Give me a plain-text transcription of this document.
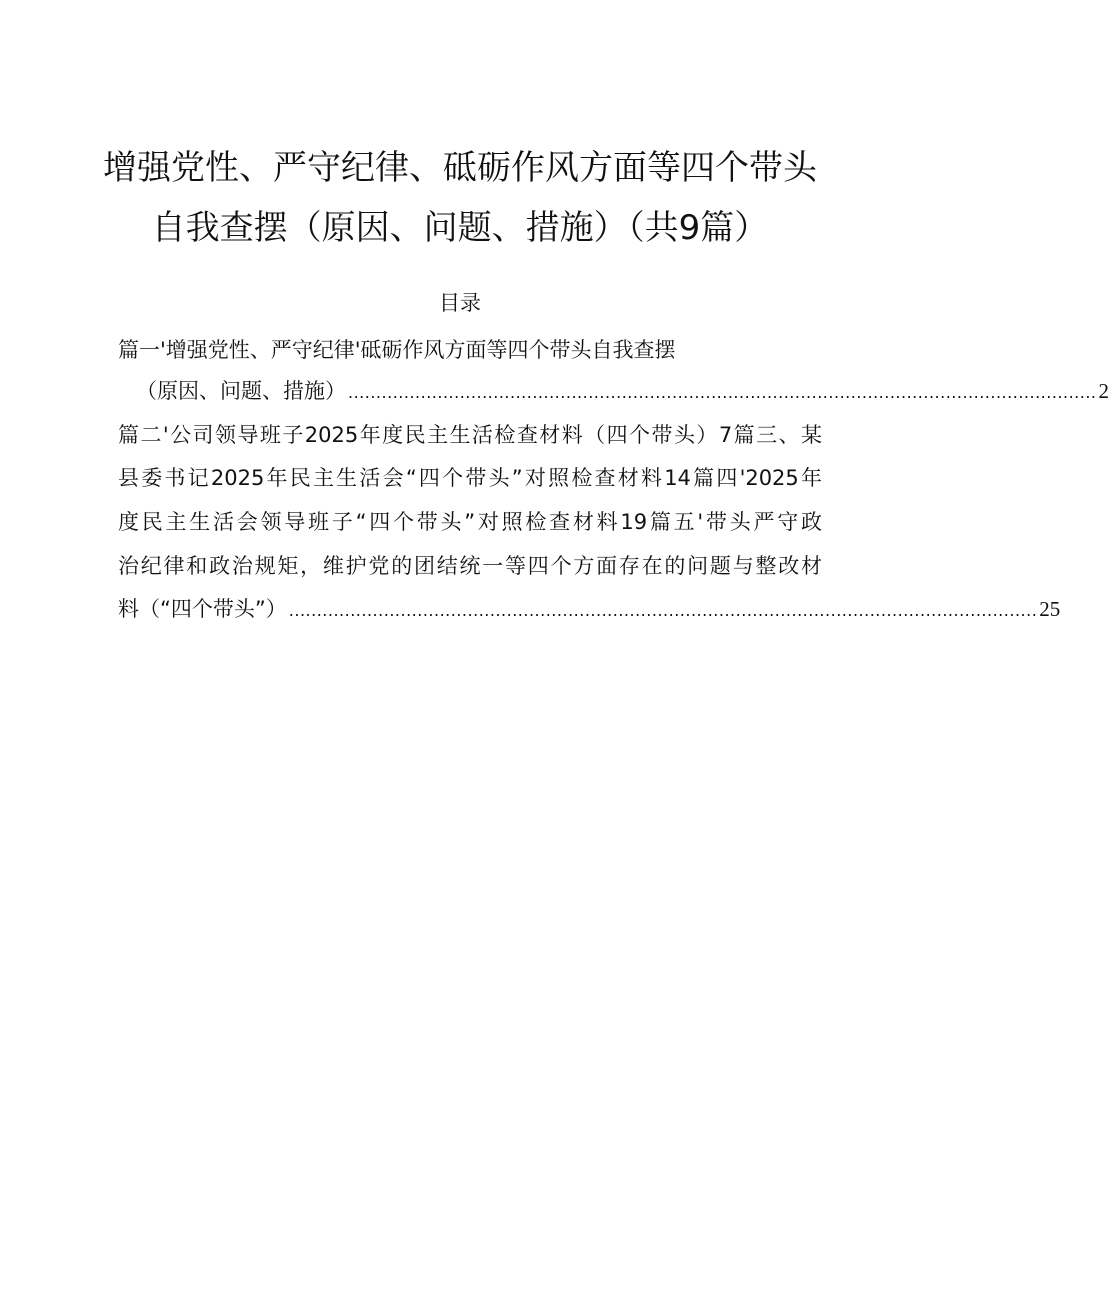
增强党性、严守纪律、砥砺作风方面等四个带头
自我查摆（原因、问题、措施）（共9篇）
目录
篇一'增强党性、严守纪律'砥砺作风方面等四个带头自我查摆
（原因、问题、措施） ...................................................................................................................................... 2
篇二'公司领导班子2025年度民主生活检查材料（四个带头）7篇三、某
县委书记2025年民主生活会“四个带头”对照检查材料14篇四'2025年
度民主生活会领导班子“四个带头”对照检查材料19篇五'带头严守政
治纪律和政治规矩，维护党的团结统一等四个方面存在的问题与整改材
料（“四个带头”） ...................................................................................................................................... 25
